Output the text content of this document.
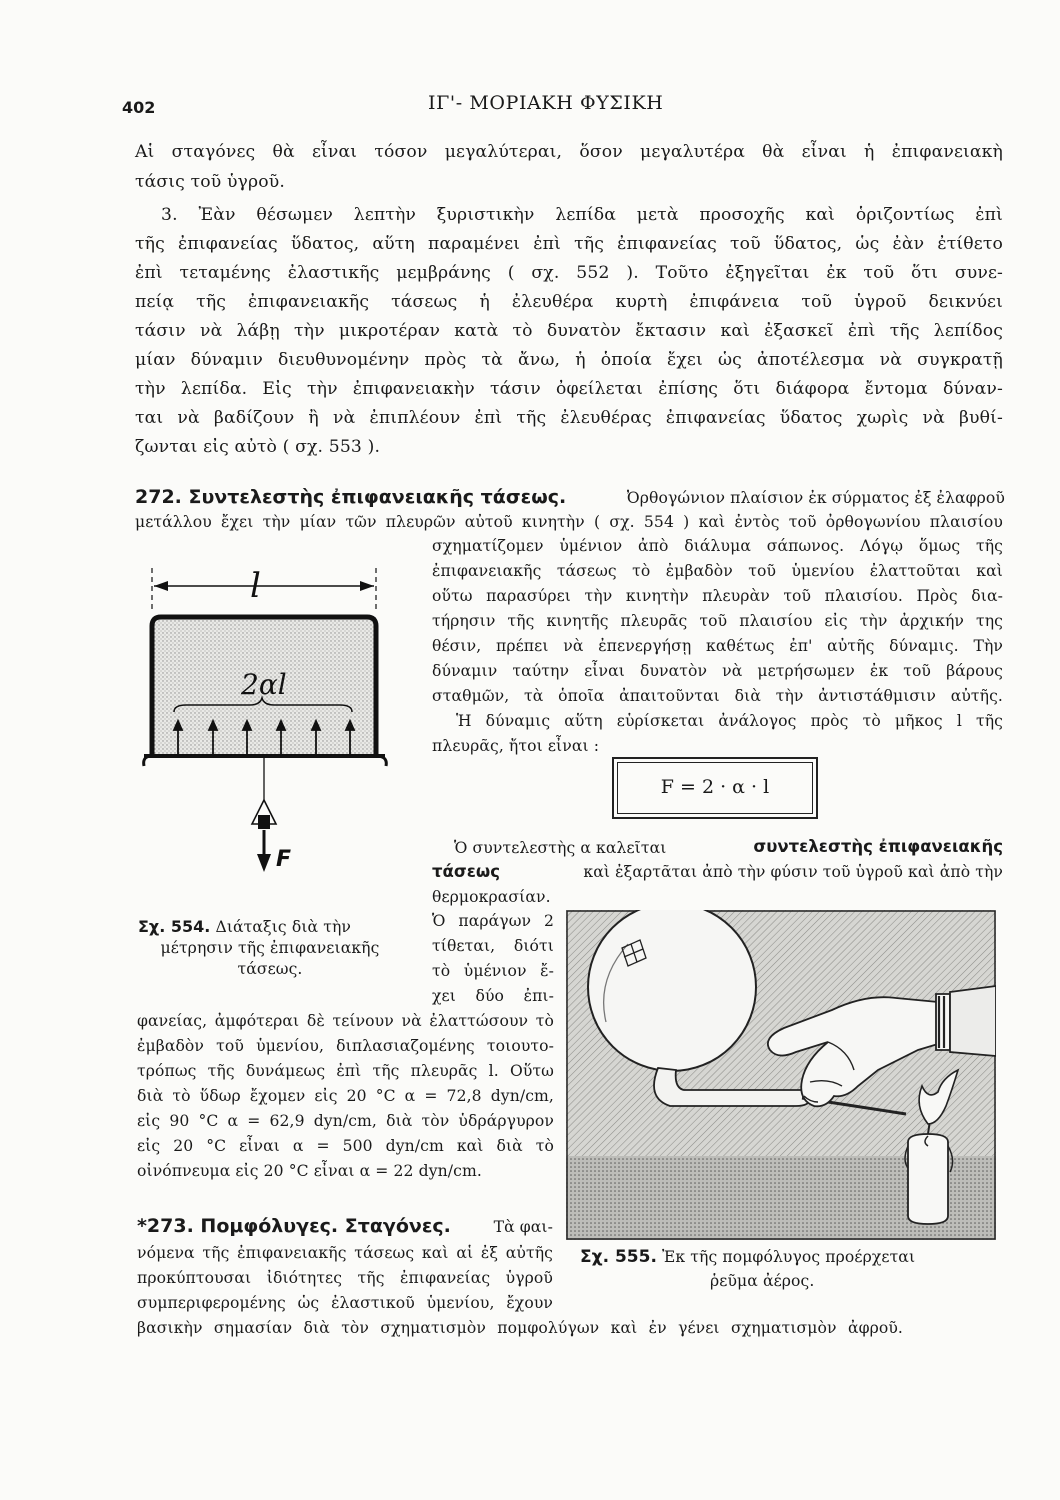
402	ΙΓ'- ΜΟΡΙΑΚΗ ΦΥΣΙΚΗ
Αἱ σταγόνες θὰ εἶναι τόσον μεγαλύτεραι, ὅσον μεγαλυτέρα θὰ εἶναι ἡ ἐπιφανειακὴ
τάσις τοῦ ὑγροῦ.
3. Ἐὰν θέσωμεν λεπτὴν ξυριστικὴν λεπίδα μετὰ προσοχῆς καὶ ὁριζοντίως ἐπὶ
τῆς ἐπιφανείας ὕδατος, αὕτη παραμένει ἐπὶ τῆς ἐπιφανείας τοῦ ὕδατος, ὡς ἐὰν ἐτίθετο
ἐπὶ τεταμένης ἐλαστικῆς μεμβράνης ( σχ. 552 ). Τοῦτο ἐξηγεῖται ἐκ τοῦ ὅτι συνε-
πείᾳ τῆς ἐπιφανειακῆς τάσεως ἡ ἐλευθέρα κυρτὴ ἐπιφάνεια τοῦ ὑγροῦ δεικνύει
τάσιν νὰ λάβῃ τὴν μικροτέραν κατὰ τὸ δυνατὸν ἔκτασιν καὶ ἐξασκεῖ ἐπὶ τῆς λεπίδος
μίαν δύναμιν διευθυνομένην πρὸς τὰ ἄνω, ἡ ὁποία ἔχει ὡς ἀποτέλεσμα νὰ συγκρατῇ
τὴν λεπίδα. Εἰς τὴν ἐπιφανειακὴν τάσιν ὀφείλεται ἐπίσης ὅτι διάφορα ἔντομα δύναν-
ται νὰ βαδίζουν ἢ νὰ ἐπιπλέουν ἐπὶ τῆς ἐλευθέρας ἐπιφανείας ὕδατος χωρὶς νὰ βυθί-
ζωνται εἰς αὐτὸ ( σχ. 553 ).
272. Συντελεστὴς ἐπιφανειακῆς τάσεως.	Ὀρθογώνιον πλαίσιον ἐκ σύρματος ἐξ ἐλαφροῦ
μετάλλου ἔχει τὴν μίαν τῶν πλευρῶν αὐτοῦ κινητὴν ( σχ. 554 ) καὶ ἐντὸς τοῦ ὀρθογωνίου πλαισίου
σχηματίζομεν ὑμένιον ἀπὸ διάλυμα σάπωνος. Λόγῳ ὅμως τῆς
ἐπιφανειακῆς τάσεως τὸ ἐμβαδὸν τοῦ ὑμενίου ἐλαττοῦται καὶ
οὕτω παρασύρει τὴν κινητὴν πλευρὰν τοῦ πλαισίου. Πρὸς δια-
τήρησιν τῆς κινητῆς πλευρᾶς τοῦ πλαισίου εἰς τὴν ἀρχικήν της
θέσιν, πρέπει νὰ ἐπενεργήσῃ καθέτως ἐπ' αὐτῆς δύναμις. Τὴν
δύναμιν ταύτην εἶναι δυνατὸν νὰ μετρήσωμεν ἐκ τοῦ βάρους
σταθμῶν, τὰ ὁποῖα ἀπαιτοῦνται διὰ τὴν ἀντιστάθμισιν αὐτῆς.
Ἡ δύναμις αὕτη εὑρίσκεται ἀνάλογος πρὸς τὸ μῆκος l τῆς
πλευρᾶς, ἤτοι εἶναι :
F = 2 · α · l
Ὁ συντελεστὴς α καλεῖται	συντελεστὴς ἐπιφανειακῆς
τάσεως	καὶ ἐξαρτᾶται ἀπὸ τὴν φύσιν τοῦ ὑγροῦ καὶ ἀπὸ τὴν
θερμοκρασίαν.
Ὁ παράγων 2
τίθεται, διότι
τὸ ὑμένιον ἔ-
χει δύο ἐπι-
φανείας, ἀμφότεραι δὲ τείνουν νὰ ἐλαττώσουν τὸ
ἐμβαδὸν τοῦ ὑμενίου, διπλασιαζομένης τοιουτο-
τρόπως τῆς δυνάμεως ἐπὶ τῆς πλευρᾶς l. Οὕτω
διὰ τὸ ὕδωρ ἔχομεν εἰς 20 °C α = 72,8 dyn/cm,
εἰς 90 °C α = 62,9 dyn/cm, διὰ τὸν ὑδράργυρον
εἰς 20 °C εἶναι α = 500 dyn/cm καὶ διὰ τὸ
οἰνόπνευμα εἰς 20 °C εἶναι α = 22 dyn/cm.
l
2αl
F
Σχ. 554. Διάταξις διὰ τὴν
μέτρησιν τῆς ἐπιφανειακῆς
τάσεως.
Σχ. 555. Ἐκ τῆς πομφόλυγος προέρχεται
ῥεῦμα ἀέρος.
*273. Πομφόλυγες. Σταγόνες.	Τὰ φαι-
νόμενα τῆς ἐπιφανειακῆς τάσεως καὶ αἱ ἐξ αὐτῆς
προκύπτουσαι ἰδιότητες τῆς ἐπιφανείας ὑγροῦ
συμπεριφερομένης ὡς ἐλαστικοῦ ὑμενίου, ἔχουν
βασικὴν σημασίαν διὰ τὸν σχηματισμὸν πομφολύγων καὶ ἐν γένει σχηματισμὸν ἀφροῦ.
